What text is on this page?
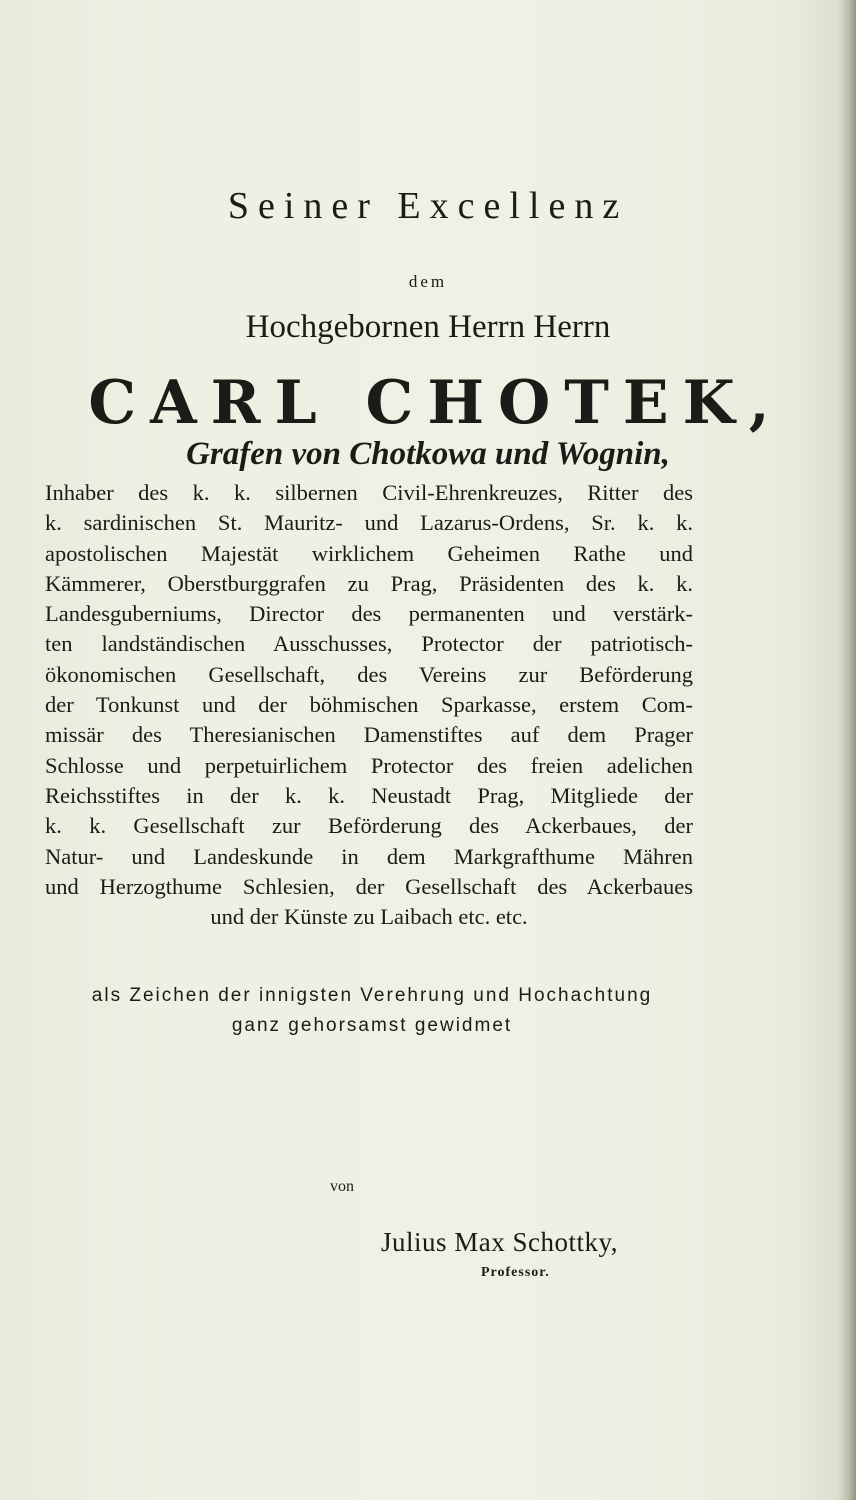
Seiner Excellenz
dem
Hochgebornen Herrn Herrn
CARL CHOTEK,
Grafen von Chotkowa und Wognin,
Inhaber des k. k. silbernen Civil-Ehrenkreuzes, Ritter des
k. sardinischen St. Mauritz- und Lazarus-Ordens, Sr. k. k.
apostolischen Majestät wirklichem Geheimen Rathe und
Kämmerer, Oberstburggrafen zu Prag, Präsidenten des k. k.
Landesguberniums, Director des permanenten und verstärk-
ten landständischen Ausschusses, Protector der patriotisch-
ökonomischen Gesellschaft, des Vereins zur Beförderung
der Tonkunst und der böhmischen Sparkasse, erstem Com-
missär des Theresianischen Damenstiftes auf dem Prager
Schlosse und perpetuirlichem Protector des freien adelichen
Reichsstiftes in der k. k. Neustadt Prag, Mitgliede der
k. k. Gesellschaft zur Beförderung des Ackerbaues, der
Natur- und Landeskunde in dem Markgrafthume Mähren
und Herzogthume Schlesien, der Gesellschaft des Ackerbaues
und der Künste zu Laibach etc. etc.
als Zeichen der innigsten Verehrung und Hochachtung
ganz gehorsamst gewidmet
von
Julius Max Schottky,
Professor.
